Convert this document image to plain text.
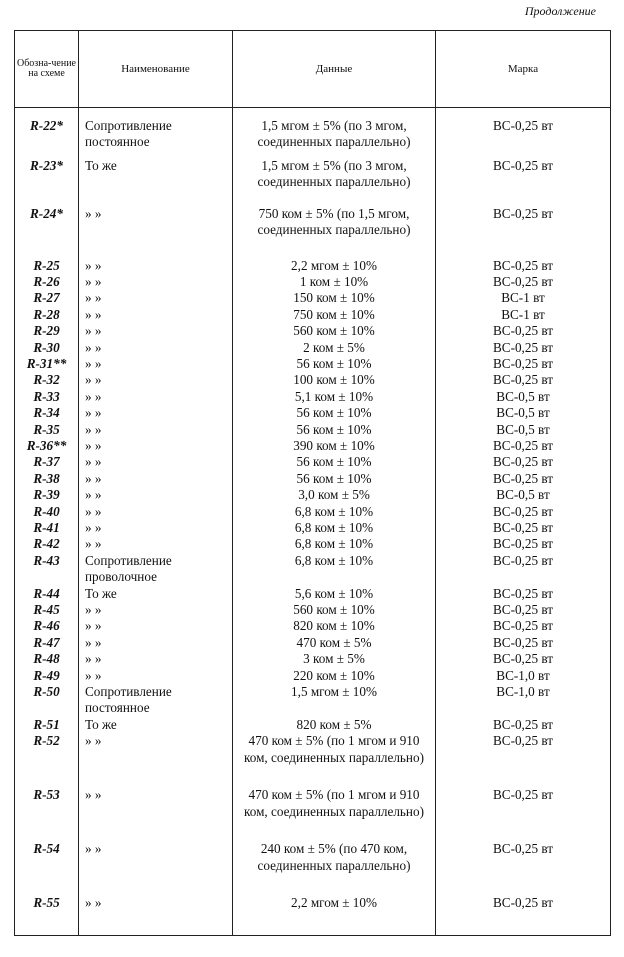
Продолжение
Обозна-чение на схеме	Наименование	Данные	Марка
R-22*	Сопротивление постоянное	1,5 мгом ± 5% (по 3 мгом, соединенных параллельно)	ВС-0,25 вт
R-23*	То же	1,5 мгом ± 5% (по 3 мгом, соединенных параллельно)	ВС-0,25 вт
R-24*	» »	750 ком ± 5% (по 1,5 мгом, соединенных параллельно)	ВС-0,25 вт
R-25	» »	2,2 мгом ± 10%	ВС-0,25 вт
R-26	» »	1 ком ± 10%	ВС-0,25 вт
R-27	» »	150 ком ± 10%	ВС-1 вт
R-28	» »	750 ком ± 10%	ВС-1 вт
R-29	» »	560 ком ± 10%	ВС-0,25 вт
R-30	» »	2 ком ± 5%	ВС-0,25 вт
R-31**	» »	56 ком ± 10%	ВС-0,25 вт
R-32	» »	100 ком ± 10%	ВС-0,25 вт
R-33	» »	5,1 ком ± 10%	ВС-0,5 вт
R-34	» »	56 ком ± 10%	ВС-0,5 вт
R-35	» »	56 ком ± 10%	ВС-0,5 вт
R-36**	» »	390 ком ± 10%	ВС-0,25 вт
R-37	» »	56 ком ± 10%	ВС-0,25 вт
R-38	» »	56 ком ± 10%	ВС-0,25 вт
R-39	» »	3,0 ком ± 5%	ВС-0,5 вт
R-40	» »	6,8 ком ± 10%	ВС-0,25 вт
R-41	» »	6,8 ком ± 10%	ВС-0,25 вт
R-42	» »	6,8 ком ± 10%	ВС-0,25 вт
R-43	Сопротивление проволочное	6,8 ком ± 10%	ВС-0,25 вт
R-44	То же	5,6 ком ± 10%	ВС-0,25 вт
R-45	» »	560 ком ± 10%	ВС-0,25 вт
R-46	» »	820 ком ± 10%	ВС-0,25 вт
R-47	» »	470 ком ± 5%	ВС-0,25 вт
R-48	» »	3 ком ± 5%	ВС-0,25 вт
R-49	» »	220 ком ± 10%	ВС-1,0 вт
R-50	Сопротивление постоянное	1,5 мгом ± 10%	ВС-1,0 вт
R-51	То же	820 ком ± 5%	ВС-0,25 вт
R-52	» »	470 ком ± 5% (по 1 мгом и 910 ком, соединенных параллельно)	ВС-0,25 вт
R-53	» »	470 ком ± 5% (по 1 мгом и 910 ком, соединенных параллельно)	ВС-0,25 вт
R-54	» »	240 ком ± 5% (по 470 ком, соединенных параллельно)	ВС-0,25 вт
R-55	» »	2,2 мгом ± 10%	ВС-0,25 вт
